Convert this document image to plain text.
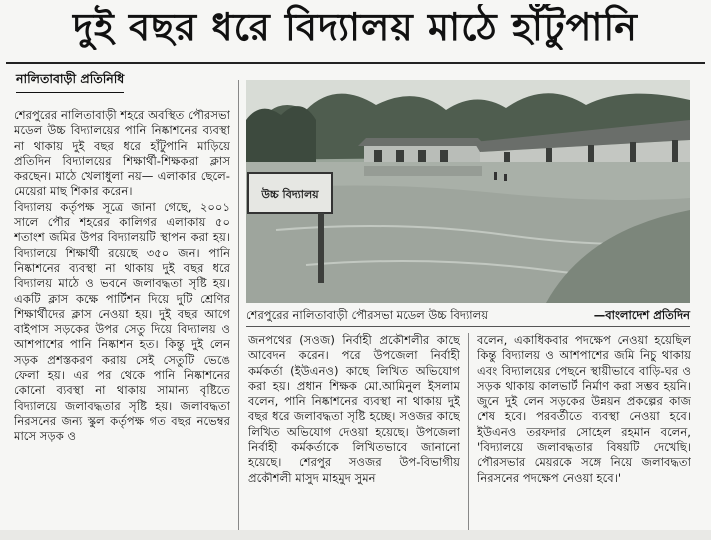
দুই বছর ধরে বিদ্যালয় মাঠে হাঁটুপানি
নালিতাবাড়ী প্রতিনিধি

শেরপুরের নালিতাবাড়ী শহরে অবস্থিত পৌরসভা মডেল উচ্চ বিদ্যালয়ের পানি নিষ্কাশনের ব্যবস্থা না থাকায় দুই বছর ধরে হাঁটুপানি মাড়িয়ে প্রতিদিন বিদ্যালয়ের শিক্ষার্থী-শিক্ষকরা ক্লাস করছেন। মাঠে খেলাধুলা নয়— এলাকার ছেলে-মেয়েরা মাছ শিকার করেন।

বিদ্যালয় কর্তৃপক্ষ সূত্রে জানা গেছে, ২০০১ সালে পৌর শহরের কালিগর এলাকায় ৫০ শতাংশ জমির উপর বিদ্যালয়টি স্থাপন করা হয়। বিদ্যালয়ে শিক্ষার্থী রয়েছে ৩৫০ জন। পানি নিষ্কাশনের ব্যবস্থা না থাকায় দুই বছর ধরে বিদ্যালয় মাঠে ও ভবনে জলাবদ্ধতা সৃষ্টি হয়। একটি ক্লাস কক্ষে পার্টিশন দিয়ে দুটি শ্রেণির শিক্ষার্থীদের ক্লাস নেওয়া হয়। দুই বছর আগে বাইপাস সড়কের উপর সেতু দিয়ে বিদ্যালয় ও আশপাশের পানি নিষ্কাশন হত। কিন্তু দুই লেন সড়ক প্রশস্তকরণ করায় সেই সেতুটি ভেঙে ফেলা হয়। এর পর থেকে পানি নিষ্কাশনের কোনো ব্যবস্থা না থাকায় সামান্য বৃষ্টিতে বিদ্যালয়ে জলাবদ্ধতার সৃষ্টি হয়। জলাবদ্ধতা নিরসনের জন্য স্কুল কর্তৃপক্ষ গত বছর নভেম্বর মাসে সড়ক ও

উচ্চ বিদ্যালয়
শেরপুরের নালিতাবাড়ী পৌরসভা মডেল উচ্চ বিদ্যালয়	—বাংলাদেশ প্রতিদিন

জনপথের (সওজ) নির্বাহী প্রকৌশলীর কাছে আবেদন করেন। পরে উপজেলা নির্বাহী কর্মকর্তা (ইউএনও) কাছে লিখিত অভিযোগ করা হয়। প্রধান শিক্ষক মো.আমিনুল ইসলাম বলেন, পানি নিষ্কাশনের ব্যবস্থা না থাকায় দুই বছর ধরে জলাবদ্ধতা সৃষ্টি হচ্ছে। সওজর কাছে লিখিত অভিযোগ দেওয়া হয়েছে। উপজেলা নির্বাহী কর্মকর্তাকে লিখিতভাবে জানানো হয়েছে। শেরপুর সওজর উপ-বিভাগীয় প্রকৌশলী মাসুদ মাহমুদ সুমন

বলেন, একাধিকবার পদক্ষেপ নেওয়া হয়েছিল কিন্তু বিদ্যালয় ও আশপাশের জমি নিচু থাকায় এবং বিদ্যালয়ের পেছনে স্থায়ীভাবে বাড়ি-ঘর ও সড়ক থাকায় কালভার্ট নির্মাণ করা সম্ভব হয়নি। জুনে দুই লেন সড়কের উন্নয়ন প্রকল্পের কাজ শেষ হবে। পরবর্তীতে ব্যবস্থা নেওয়া হবে। ইউএনও তরফদার সোহেল রহমান বলেন, 'বিদ্যালয়ে জলাবদ্ধতার বিষয়টি দেখেছি। পৌরসভার মেয়রকে সঙ্গে নিয়ে জলাবদ্ধতা নিরসনের পদক্ষেপ নেওয়া হবে।'
